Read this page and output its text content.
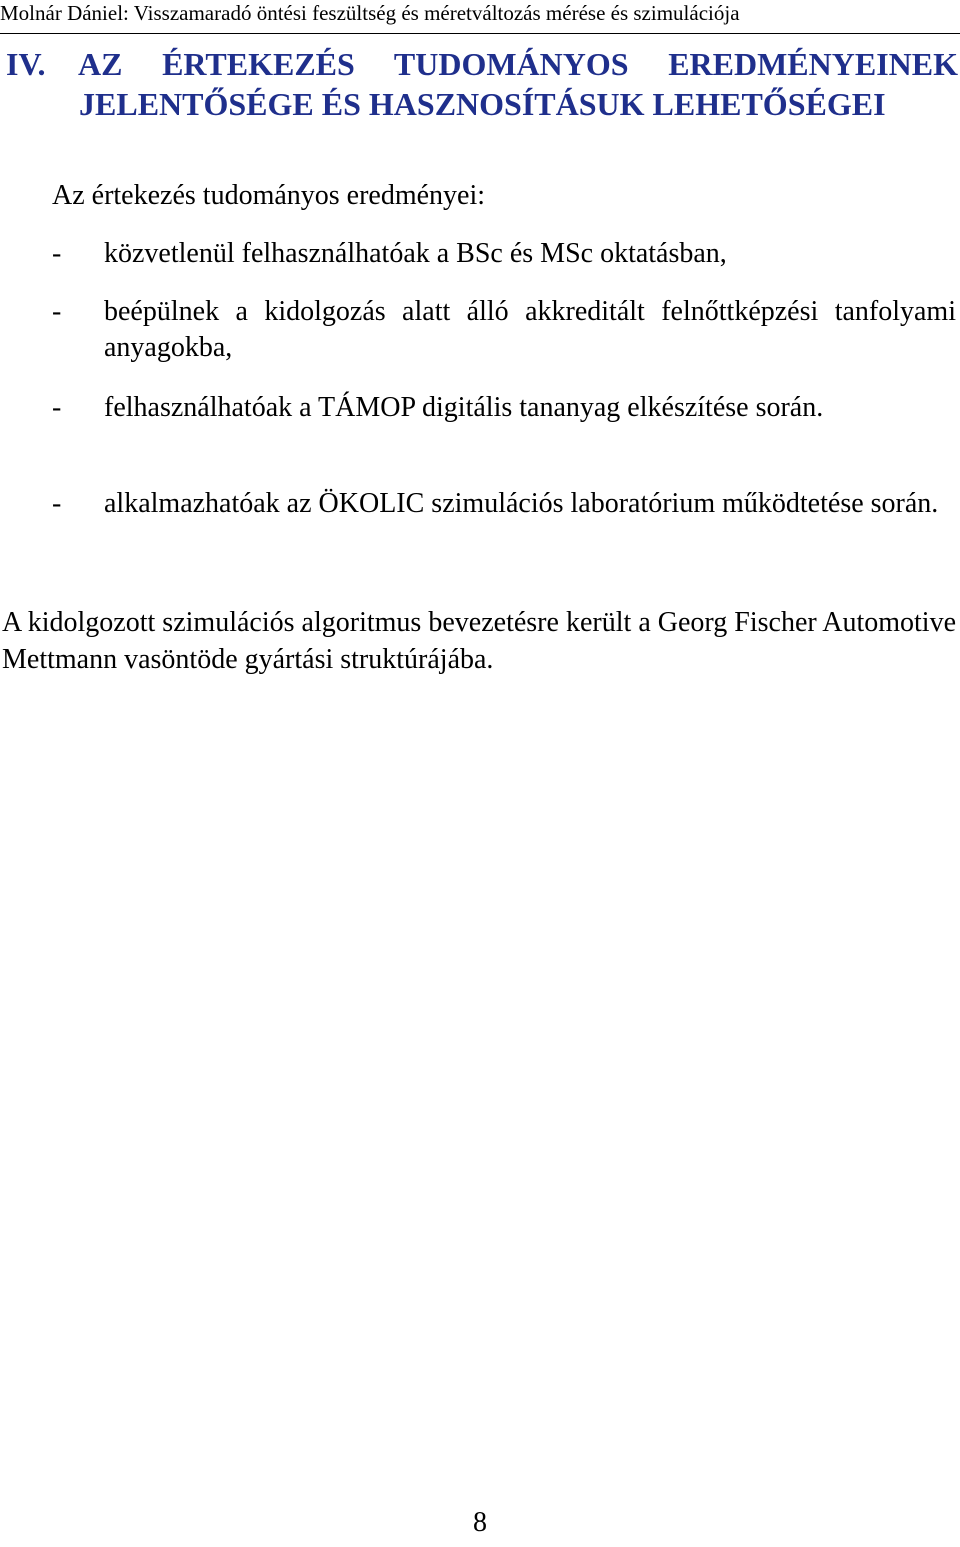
Molnár Dániel: Visszamaradó öntési feszültség és méretváltozás mérése és szimulációja
IV.	AZ ÉRTEKEZÉS TUDOMÁNYOS EREDMÉNYEINEK
JELENTŐSÉGE ÉS HASZNOSÍTÁSUK LEHETŐSÉGEI
Az értekezés tudományos eredményei:
- közvetlenül felhasználhatóak a BSc és MSc oktatásban,
- beépülnek a kidolgozás alatt álló akkreditált felnőttképzési tanfolyami anyagokba,
- felhasználhatóak a TÁMOP digitális tananyag elkészítése során.
- alkalmazhatóak az ÖKOLIC szimulációs laboratórium működtetése során.
A kidolgozott szimulációs algoritmus bevezetésre került a Georg Fischer Automotive Mettmann vasöntöde gyártási struktúrájába.
8
